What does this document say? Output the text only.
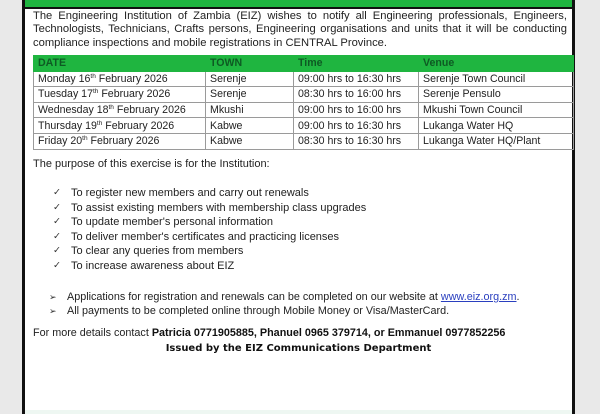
The Engineering Institution of Zambia (EIZ) wishes to notify all Engineering professionals, Engineers, Technologists, Technicians, Crafts persons, Engineering organisations and units that it will be conducting compliance inspections and mobile registrations in CENTRAL Province.

DATE	TOWN	Time	Venue
Monday 16th February 2026	Serenje	09:00 hrs to 16:30 hrs	Serenje Town Council
Tuesday 17th February 2026	Serenje	08:30 hrs to 16:00 hrs	Serenje Pensulo
Wednesday 18th February 2026	Mkushi	09:00 hrs to 16:00 hrs	Mkushi Town Council
Thursday 19th February 2026	Kabwe	09:00 hrs to 16:30 hrs	Lukanga Water HQ
Friday 20th February 2026	Kabwe	08:30 hrs to 16:30 hrs	Lukanga Water HQ/Plant

The purpose of this exercise is for the Institution:

✓ To register new members and carry out renewals
✓ To assist existing members with membership class upgrades
✓ To update member's personal information
✓ To deliver member's certificates and practicing licenses
✓ To clear any queries from members
✓ To increase awareness about EIZ
➢ Applications for registration and renewals can be completed on our website at www.eiz.org.zm.
➢ All payments to be completed online through Mobile Money or Visa/MasterCard.

For more details contact Patricia 0771905885, Phanuel 0965 379714, or Emmanuel 0977852256

Issued by the EIZ Communications Department
